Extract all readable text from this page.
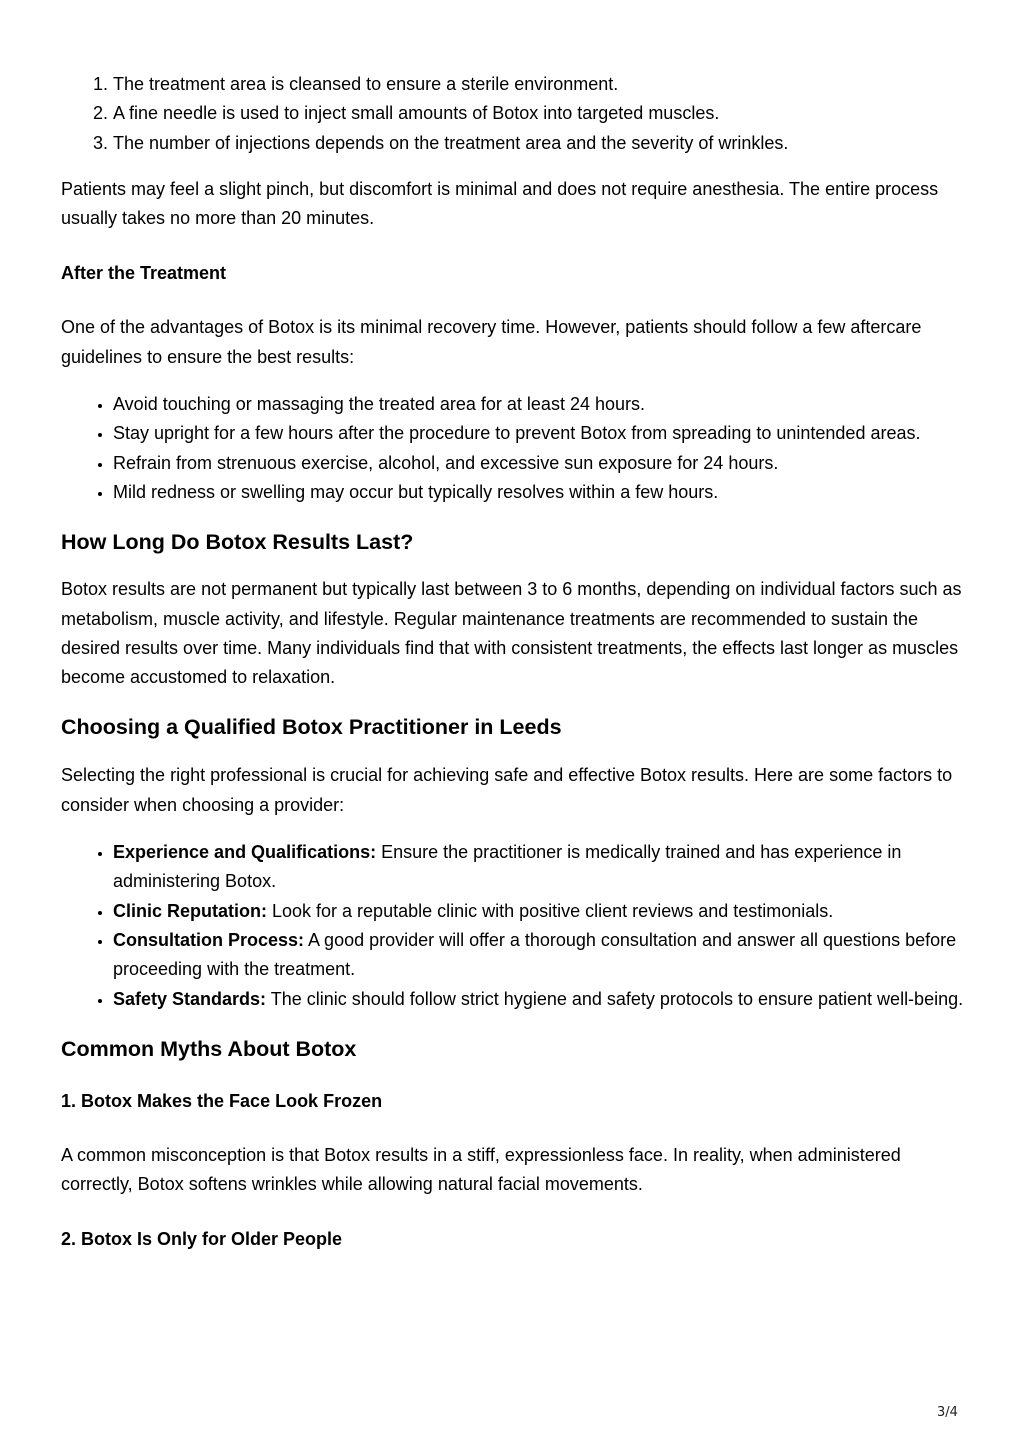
1. The treatment area is cleansed to ensure a sterile environment.
2. A fine needle is used to inject small amounts of Botox into targeted muscles.
3. The number of injections depends on the treatment area and the severity of wrinkles.

Patients may feel a slight pinch, but discomfort is minimal and does not require anesthesia. The entire process usually takes no more than 20 minutes.

After the Treatment

One of the advantages of Botox is its minimal recovery time. However, patients should follow a few aftercare guidelines to ensure the best results:

• Avoid touching or massaging the treated area for at least 24 hours.
• Stay upright for a few hours after the procedure to prevent Botox from spreading to unintended areas.
• Refrain from strenuous exercise, alcohol, and excessive sun exposure for 24 hours.
• Mild redness or swelling may occur but typically resolves within a few hours.
How Long Do Botox Results Last?

Botox results are not permanent but typically last between 3 to 6 months, depending on individual factors such as metabolism, muscle activity, and lifestyle. Regular maintenance treatments are recommended to sustain the desired results over time. Many individuals find that with consistent treatments, the effects last longer as muscles become accustomed to relaxation.

Choosing a Qualified Botox Practitioner in Leeds

Selecting the right professional is crucial for achieving safe and effective Botox results. Here are some factors to consider when choosing a provider:

• Experience and Qualifications: Ensure the practitioner is medically trained and has experience in administering Botox.
• Clinic Reputation: Look for a reputable clinic with positive client reviews and testimonials.
• Consultation Process: A good provider will offer a thorough consultation and answer all questions before proceeding with the treatment.
• Safety Standards: The clinic should follow strict hygiene and safety protocols to ensure patient well-being.
Common Myths About Botox
1. Botox Makes the Face Look Frozen

A common misconception is that Botox results in a stiff, expressionless face. In reality, when administered correctly, Botox softens wrinkles while allowing natural facial movements.

2. Botox Is Only for Older People
3/4
